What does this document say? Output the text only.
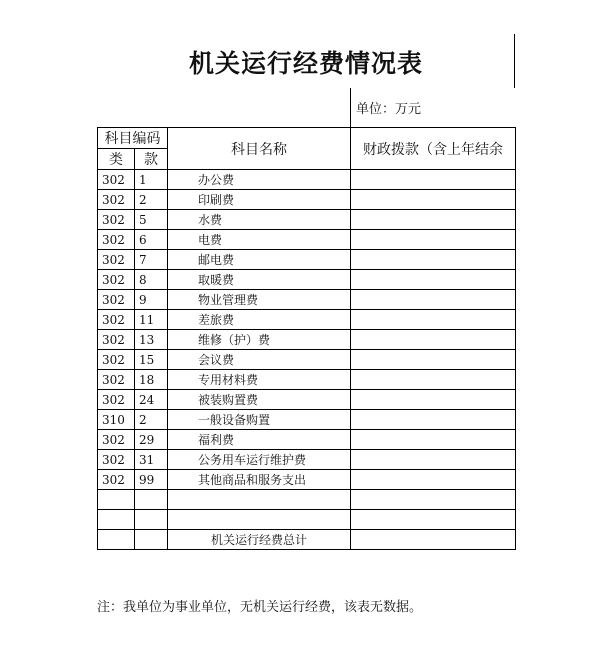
机关运行经费情况表
单位：万元
科目编码		科目名称	财政拨款（含上年结余
类	款		
302	1	办公费	
302	2	印刷费	
302	5	水费	
302	6	电费	
302	7	邮电费	
302	8	取暖费	
302	9	物业管理费	
302	11	差旅费	
302	13	维修（护）费	
302	15	会议费	
302	18	专用材料费	
302	24	被装购置费	
310	2	一般设备购置	
302	29	福利费	
302	31	公务用车运行维护费	
302	99	其他商品和服务支出	

		机关运行经费总计	
注：我单位为事业单位，无机关运行经费，该表无数据。
